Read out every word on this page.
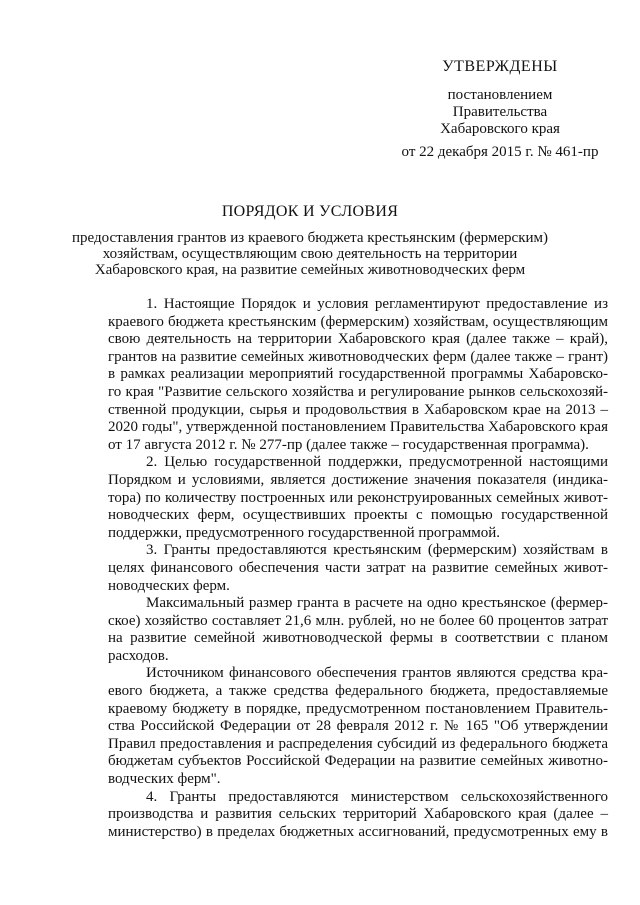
УТВЕРЖДЕНЫ
постановлением
Правительства
Хабаровского края
от 22 декабря 2015 г. № 461-пр
ПОРЯДОК И УСЛОВИЯ
предоставления грантов из краевого бюджета крестьянским (фермерским)
хозяйствам, осуществляющим свою деятельность на территории
Хабаровского края, на развитие семейных животноводческих ферм
1. Настоящие Порядок и условия регламентируют предоставление из
краевого бюджета крестьянским (фермерским) хозяйствам, осуществляющим
свою деятельность на территории Хабаровского края (далее также – край),
грантов на развитие семейных животноводческих ферм (далее также – грант)
в рамках реализации мероприятий государственной программы Хабаровско-
го края "Развитие сельского хозяйства и регулирование рынков сельскохозяй-
ственной продукции, сырья и продовольствия в Хабаровском крае на 2013 –
2020 годы", утвержденной постановлением Правительства Хабаровского края
от 17 августа 2012 г. № 277-пр (далее также – государственная программа).
2. Целью государственной поддержки, предусмотренной настоящими
Порядком и условиями, является достижение значения показателя (индика-
тора) по количеству построенных или реконструированных семейных живот-
новодческих ферм, осуществивших проекты с помощью государственной
поддержки, предусмотренного государственной программой.
3. Гранты предоставляются крестьянским (фермерским) хозяйствам в
целях финансового обеспечения части затрат на развитие семейных живот-
новодческих ферм.
Максимальный размер гранта в расчете на одно крестьянское (фермер-
ское) хозяйство составляет 21,6 млн. рублей, но не более 60 процентов затрат
на развитие семейной животноводческой фермы в соответствии с планом
расходов.
Источником финансового обеспечения грантов являются средства кра-
евого бюджета, а также средства федерального бюджета, предоставляемые
краевому бюджету в порядке, предусмотренном постановлением Правитель-
ства Российской Федерации от 28 февраля 2012 г. № 165 "Об утверждении
Правил предоставления и распределения субсидий из федерального бюджета
бюджетам субъектов Российской Федерации на развитие семейных животно-
водческих ферм".
4. Гранты предоставляются министерством сельскохозяйственного
производства и развития сельских территорий Хабаровского края (далее –
министерство) в пределах бюджетных ассигнований, предусмотренных ему в
